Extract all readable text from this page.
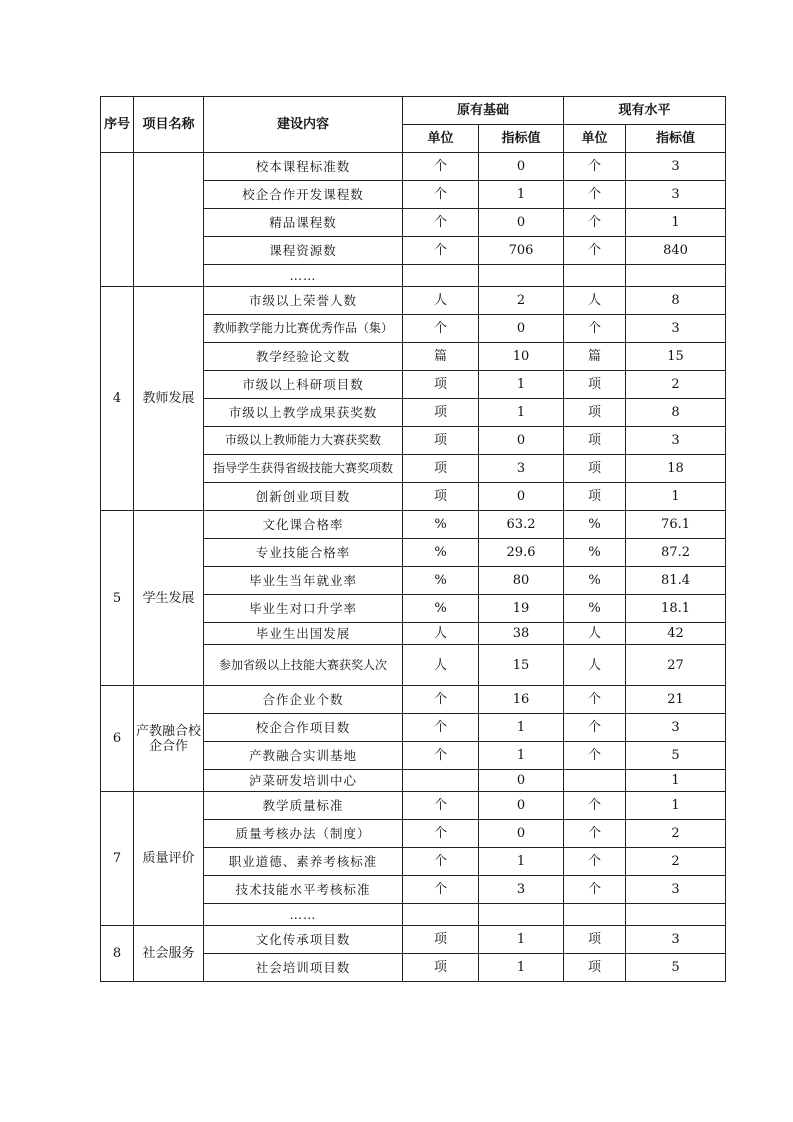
序号	项目名称	建设内容	原有基础		现有水平	
			单位	指标值	单位	指标值
		校本课程标准数	个	0	个	3
		校企合作开发课程数	个	1	个	3
		精品课程数	个	0	个	1
		课程资源数	个	706	个	840
		……				
4	教师发展	市级以上荣誉人数	人	2	人	8
		教师教学能力比赛优秀作品（集）	个	0	个	3
		教学经验论文数	篇	10	篇	15
		市级以上科研项目数	项	1	项	2
		市级以上教学成果获奖数	项	1	项	8
		市级以上教师能力大赛获奖数	项	0	项	3
		指导学生获得省级技能大赛奖项数	项	3	项	18
		创新创业项目数	项	0	项	1
5	学生发展	文化课合格率	%	63.2	%	76.1
		专业技能合格率	%	29.6	%	87.2
		毕业生当年就业率	%	80	%	81.4
		毕业生对口升学率	%	19	%	18.1
		毕业生出国发展	人	38	人	42
		参加省级以上技能大赛获奖人次	人	15	人	27
6	产教融合校企合作	合作企业个数	个	16	个	21
		校企合作项目数	个	1	个	3
		产教融合实训基地	个	1	个	5
		泸菜研发培训中心		0		1
7	质量评价	教学质量标准	个	0	个	1
		质量考核办法（制度）	个	0	个	2
		职业道德、素养考核标准	个	1	个	2
		技术技能水平考核标准	个	3	个	3
		……				
8	社会服务	文化传承项目数	项	1	项	3
		社会培训项目数	项	1	项	5
